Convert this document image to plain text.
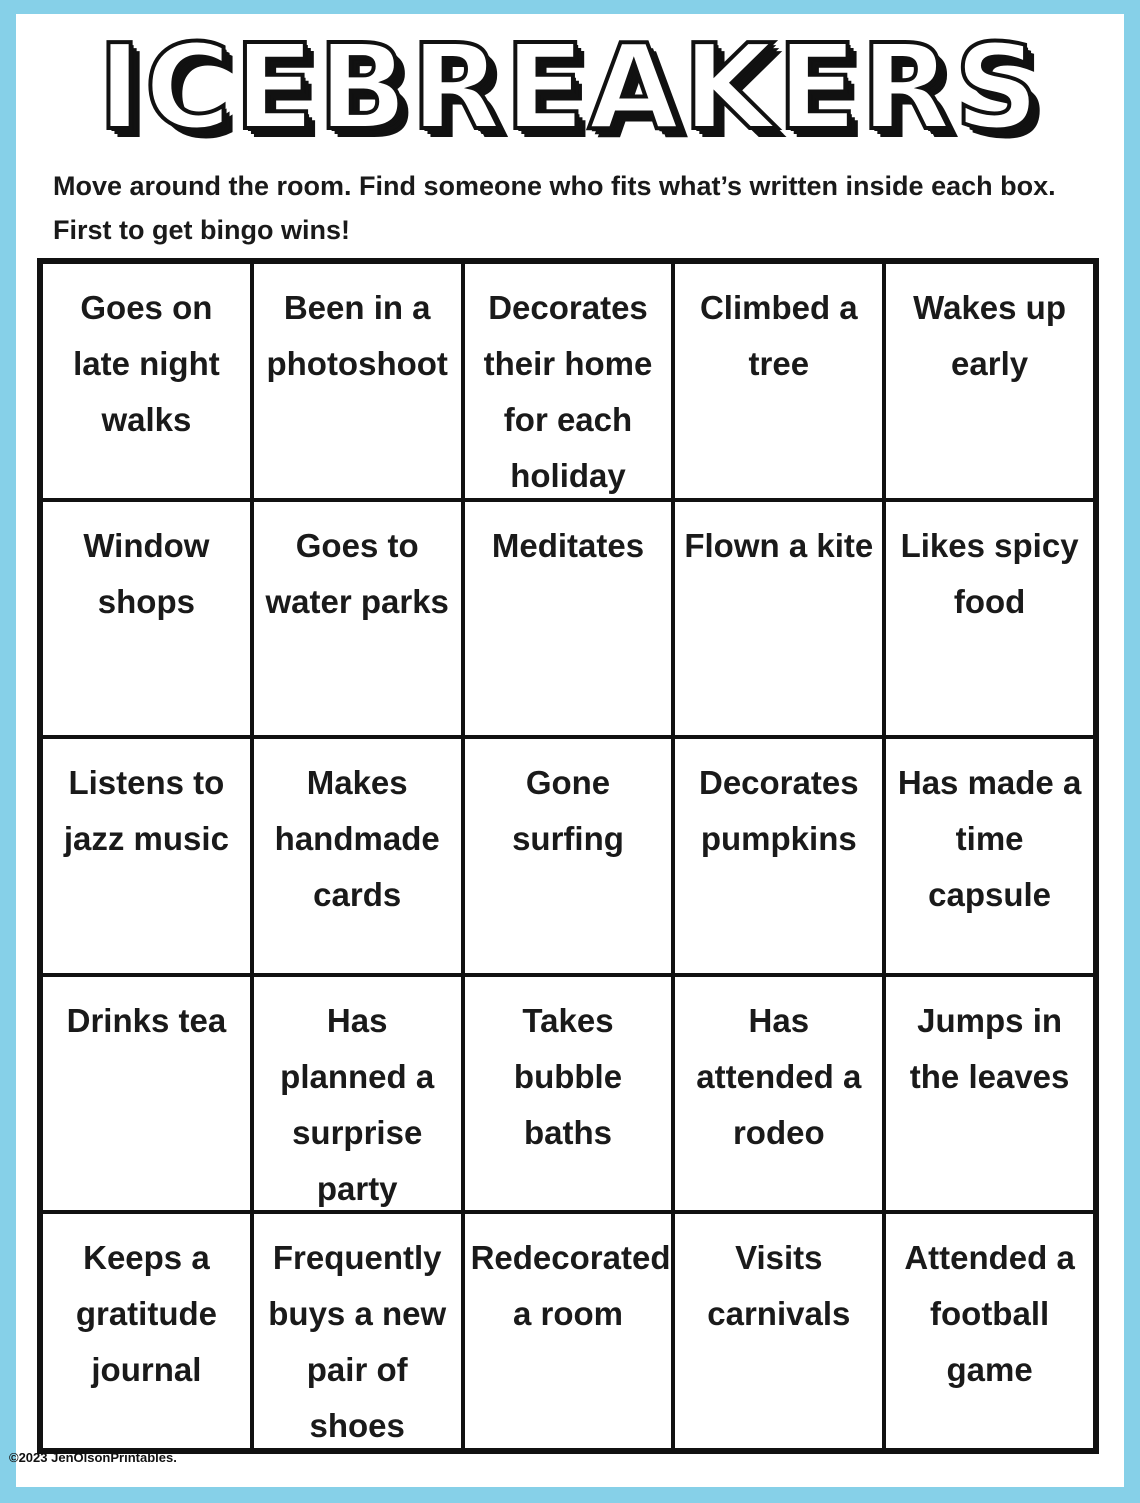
ICEBREAKERS
Move around the room. Find someone who fits what’s written inside each box.
First to get bingo wins!
Goes on late night walks
Been in a photoshoot
Decorates their home for each holiday
Climbed a tree
Wakes up early
Window shops
Goes to water parks
Meditates	Flown a kite Likes spicy food
Listens to jazz music
Makes handmade cards
Gone surfing
Decorates pumpkins
Has made a time capsule
Drinks tea	Has planned a surprise party
Takes bubble baths
Has attended a rodeo
Jumps in the leaves
Keeps a gratitude journal
Frequently buys a new pair of shoes
Redecorated a room
Visits carnivals
Attended a football game
©2023 JenOlsonPrintables.
